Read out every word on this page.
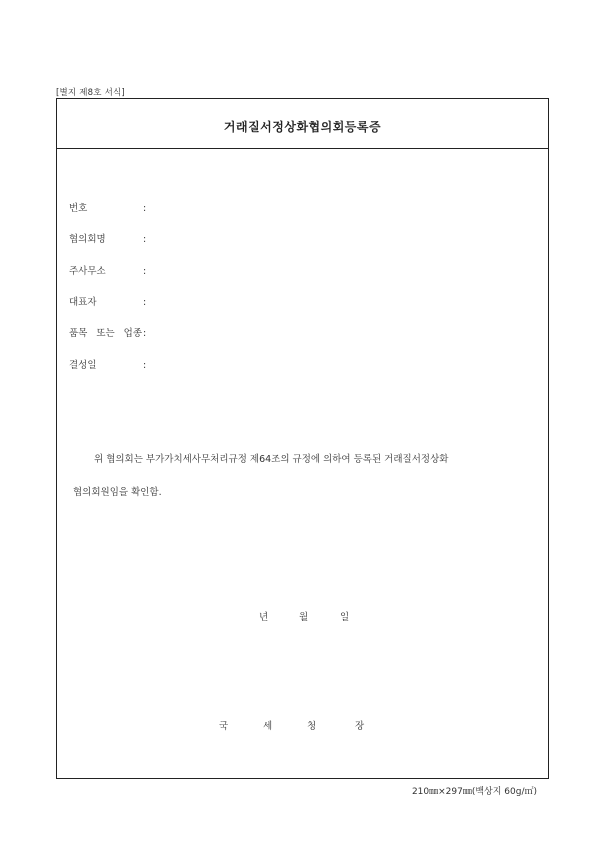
[별지 제8호 서식]
거래질서정상화협의회등록증
번호	:
협의회명	:
주사무소	:
대표자	:
품목 또는 업종:
결성일	:
위 협의회는 부가가치세사무처리규정 제64조의 규정에 의하여 등록된 거래질서정상화
협의회원임을 확인함.
년	월	일
국	세	청	장
210㎜×297㎜(백상지 60g/㎡)
